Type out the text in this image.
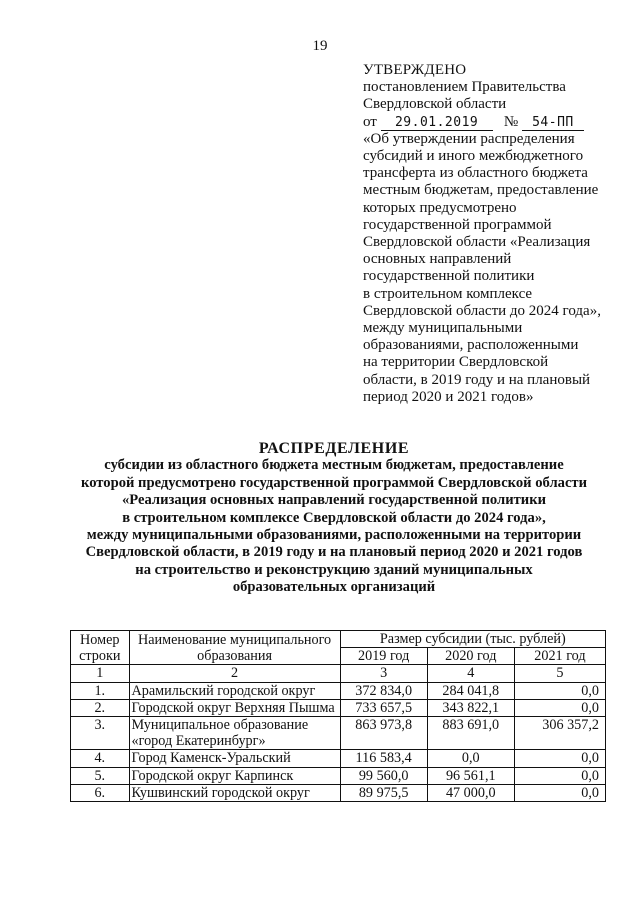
19
УТВЕРЖДЕНО
постановлением Правительства
Свердловской области
от 29.01.2019 № 54-ПП
«Об утверждении распределения
субсидий и иного межбюджетного
трансферта из областного бюджета
местным бюджетам, предоставление
которых предусмотрено
государственной программой
Свердловской области «Реализация
основных направлений
государственной политики
в строительном комплексе
Свердловской области до 2024 года»,
между муниципальными
образованиями, расположенными
на территории Свердловской
области, в 2019 году и на плановый
период 2020 и 2021 годов»
РАСПРЕДЕЛЕНИЕ
субсидии из областного бюджета местным бюджетам, предоставление
которой предусмотрено государственной программой Свердловской области
«Реализация основных направлений государственной политики
в строительном комплексе Свердловской области до 2024 года»,
между муниципальными образованиями, расположенными на территории
Свердловской области, в 2019 году и на плановый период 2020 и 2021 годов
на строительство и реконструкцию зданий муниципальных
образовательных организаций
Номер строки	Наименование муниципального образования	Размер субсидии (тыс. рублей)		
		2019 год	2020 год	2021 год
1	2	3	4	5
1.	Арамильский городской округ	372 834,0	284 041,8	0,0
2.	Городской округ Верхняя Пышма	733 657,5	343 822,1	0,0
3.	Муниципальное образование «город Екатеринбург»	863 973,8	883 691,0	306 357,2
4.	Город Каменск-Уральский	116 583,4	0,0	0,0
5.	Городской округ Карпинск	99 560,0	96 561,1	0,0
6.	Кушвинский городской округ	89 975,5	47 000,0	0,0
